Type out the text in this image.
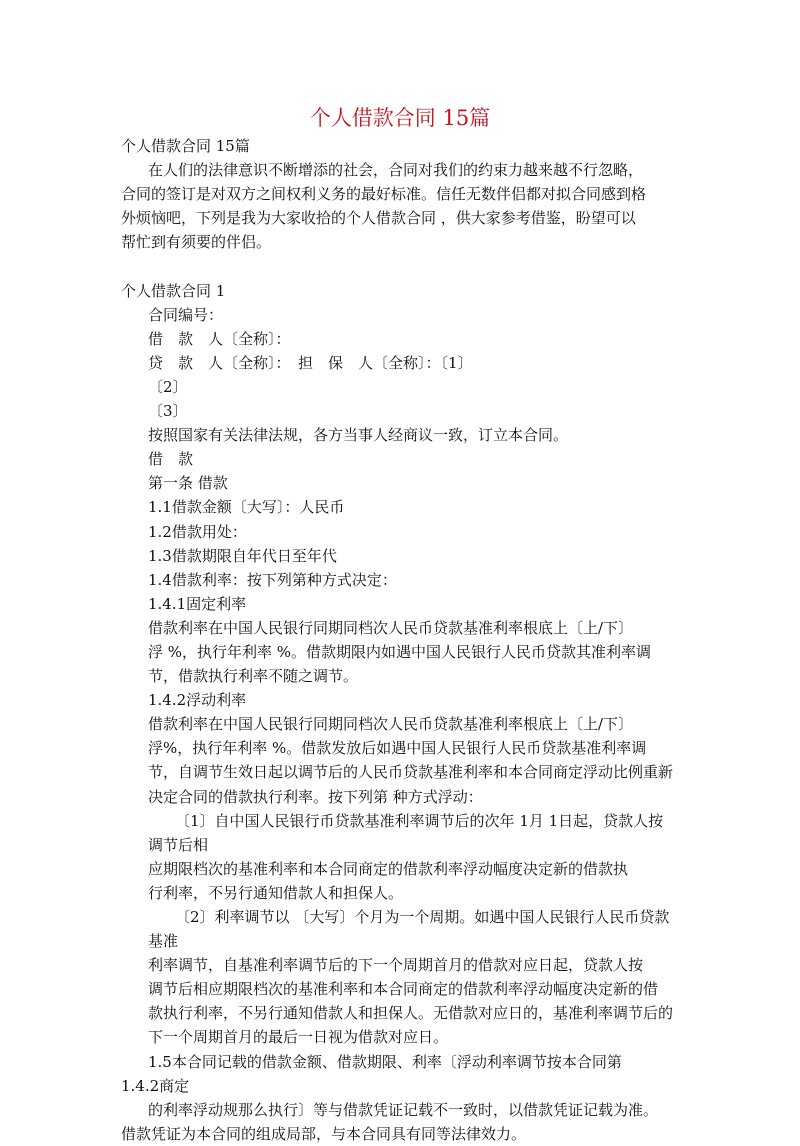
个人借款合同 15篇
个人借款合同 15篇
在人们的法律意识不断增添的社会，合同对我们的约束力越来越不行忽略，
合同的签订是对双方之间权利义务的最好标准。信任无数伴侣都对拟合同感到格
外烦恼吧，下列是我为大家收拾的个人借款合同 ，供大家参考借鉴，盼望可以
帮忙到有须要的伴侣。
个人借款合同 1
合同编号：
借　款　人〔全称〕：
贷　款　人〔全称〕：　担　保　人〔全称〕：〔1〕
〔2〕
〔3〕
按照国家有关法律法规，各方当事人经商议一致，订立本合同。
借　款
第一条 借款
1.1借款金额〔大写〕：人民币
1.2借款用处：
1.3借款期限自年代日至年代
1.4借款利率：按下列第种方式决定：
1.4.1固定利率
借款利率在中国人民银行同期同档次人民币贷款基准利率根底上〔上/下〕
浮 %，执行年利率 %。借款期限内如遇中国人民银行人民币贷款其准利率调
节，借款执行利率不随之调节。
1.4.2浮动利率
借款利率在中国人民银行同期同档次人民币贷款基准利率根底上〔上/下〕
浮%，执行年利率 %。借款发放后如遇中国人民银行人民币贷款基准利率调
节，自调节生效日起以调节后的人民币贷款基准利率和本合同商定浮动比例重新
决定合同的借款执行利率。按下列第 种方式浮动：
〔1〕自中国人民银行币贷款基准利率调节后的次年 1月 1日起，贷款人按
调节后相
应期限档次的基准利率和本合同商定的借款利率浮动幅度决定新的借款执
行利率，不另行通知借款人和担保人。
〔2〕利率调节以 〔大写〕个月为一个周期。如遇中国人民银行人民币贷款
基准
利率调节，自基准利率调节后的下一个周期首月的借款对应日起，贷款人按
调节后相应期限档次的基准利率和本合同商定的借款利率浮动幅度决定新的借
款执行利率，不另行通知借款人和担保人。无借款对应日的，基准利率调节后的
下一个周期首月的最后一日视为借款对应日。
1.5本合同记载的借款金额、借款期限、利率〔浮动利率调节按本合同第
1.4.2商定
的利率浮动规那么执行〕等与借款凭证记载不一致时，以借款凭证记载为准。
借款凭证为本合同的组成局部，与本合同具有同等法律效力。
